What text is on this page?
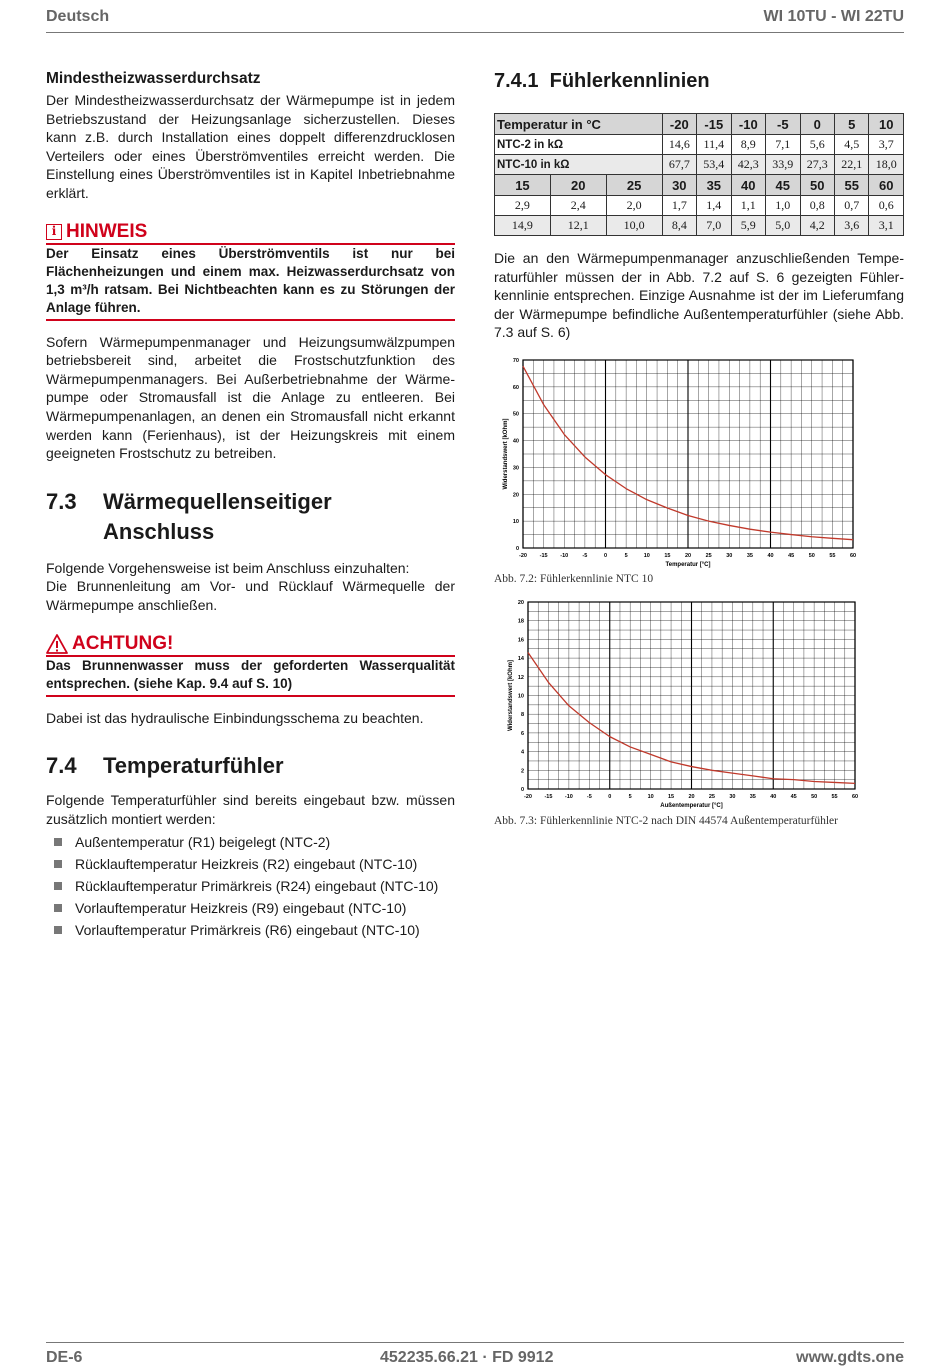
Deutsch	WI 10TU - WI 22TU
Mindestheizwasserdurchsatz

Der Mindestheizwasserdurchsatz der Wärmepumpe ist in jedem Betriebszustand der Heizungsanlage sicherzustellen. Dieses kann z.B. durch Installation eines doppelt differenzdrucklosen Verteilers oder eines Überströmventiles erreicht werden. Die Einstellung eines Überströmventiles ist in Kapitel Inbetriebnahme erklärt.

i HINWEIS
Der Einsatz eines Überströmventils ist nur bei Flächenheizungen und einem max. Heizwasserdurchsatz von 1,3 m³/h ratsam. Bei Nichtbeachten kann es zu Störungen der Anlage führen.

Sofern Wärmepumpenmanager und Heizungsumwälzpumpen betriebsbereit sind, arbeitet die Frostschutzfunktion des Wärmepumpenmanagers. Bei Außerbetriebnahme der Wärmepumpe oder Stromausfall ist die Anlage zu entleeren. Bei Wärmepumpenanlagen, an denen ein Stromausfall nicht erkannt werden kann (Ferienhaus), ist der Heizungskreis mit einem geeigneten Frostschutz zu betreiben.

7.3	Wärmequellenseitiger
Anschluss

Folgende Vorgehensweise ist beim Anschluss einzuhalten:

Die Brunnenleitung am Vor- und Rücklauf Wärmequelle der Wärmepumpe anschließen.

ACHTUNG!
Das Brunnenwasser muss der geforderten Wasserqualität entsprechen. (siehe Kap. 9.4 auf S. 10)

Dabei ist das hydraulische Einbindungsschema zu beachten.

7.4	Temperaturfühler

Folgende Temperaturfühler sind bereits eingebaut bzw. müssen zusätzlich montiert werden:

Außentemperatur (R1) beigelegt (NTC-2)
Rücklauftemperatur Heizkreis (R2) eingebaut (NTC-10)
Rücklauftemperatur Primärkreis (R24) eingebaut (NTC-10)
Vorlauftemperatur Heizkreis (R9) eingebaut (NTC-10)
Vorlauftemperatur Primärkreis (R6) eingebaut (NTC-10)
7.4.1 Fühlerkennlinien
Temperatur in °C			-20	-15	-10	-5	0	5	10
NTC-2 in kΩ			14,6	11,4	8,9	7,1	5,6	4,5	3,7
NTC-10 in kΩ			67,7	53,4	42,3	33,9	27,3	22,1	18,0
15	20	25	30	35	40	45	50	55	60
2,9	2,4	2,0	1,7	1,4	1,1	1,0	0,8	0,7	0,6
14,9	12,1	10,0	8,4	7,0	5,9	5,0	4,2	3,6	3,1

Die an den Wärmepumpenmanager anzuschließenden Temperaturfühler müssen der in Abb. 7.2 auf S. 6 gezeigten Fühlerkennlinie entsprechen. Einzige Ausnahme ist der im Lieferumfang der Wärmepumpe befindliche Außentemperaturfühler (siehe Abb. 7.3 auf S. 6)

-20 -15 -10	-5	0	5	10	15	20	25	30	35	40	45	50	55	60
0
10
20
30
40
50
60
70
Temperatur [°C]
Widerstandswert [kOhm]
Abb. 7.2: Fühlerkennlinie NTC 10
-20 -15 -10	-5	0	5	10	15	20	25	30	35	40	45	50	55	60
0
2
4
6
8
10
12
14
16
18
20
Außentemperatur [°C]
Widerstandswert [kOhm]
Abb. 7.3: Fühlerkennlinie NTC-2 nach DIN 44574 Außentemperaturfühler
DE-6	452235.66.21 · FD 9912	www.gdts.one
